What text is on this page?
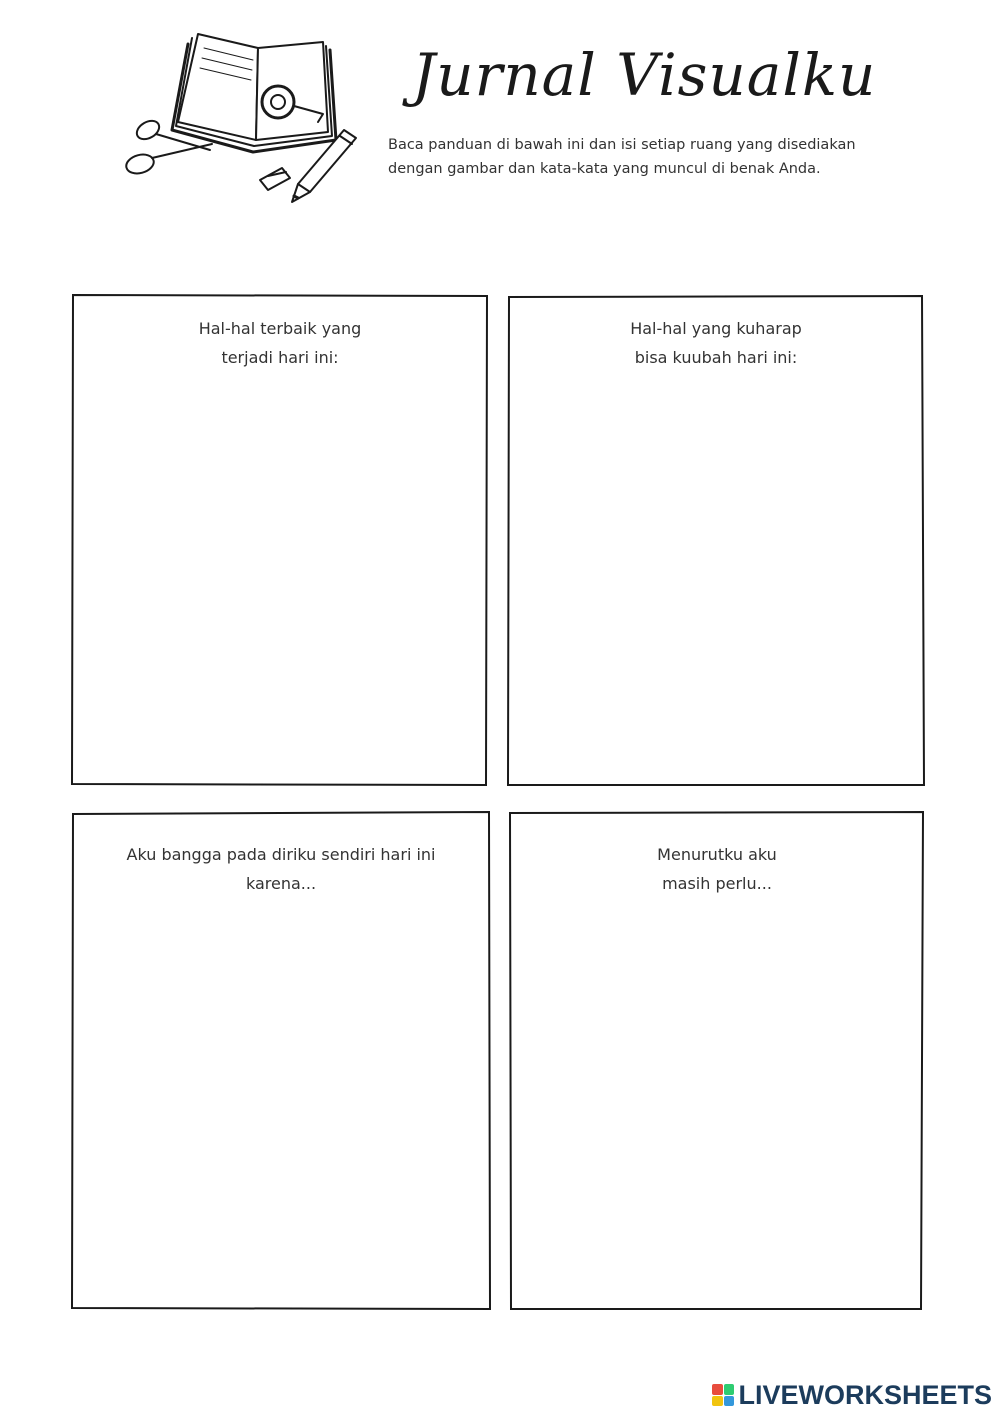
Jurnal Visualku
Baca panduan di bawah ini dan isi setiap ruang yang disediakan
dengan gambar dan kata-kata yang muncul di benak Anda.
Hal-hal terbaik yang
terjadi hari ini:
Hal-hal yang kuharap
bisa kuubah hari ini:
Aku bangga pada diriku sendiri hari ini
karena...
Menurutku aku
masih perlu...
LIVEWORKSHEETS
